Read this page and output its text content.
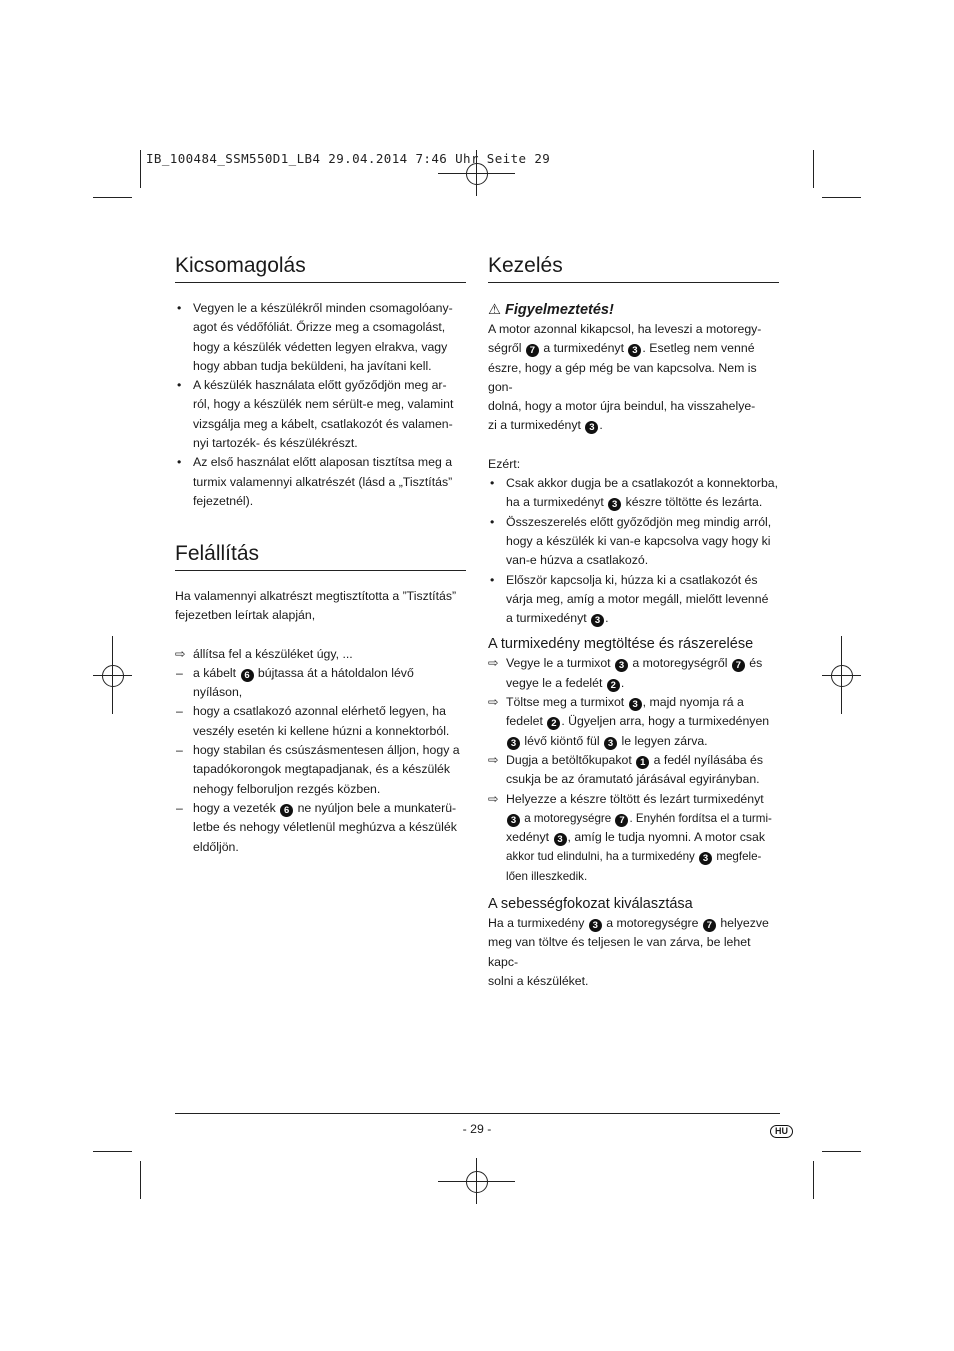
IB_100484_SSM550D1_LB4 29.04.2014 7:46 Uhr Seite 29
Kicsomagolás
• Vegyen le a készülékről minden csomagolóany-
agot és védőfóliát. Őrizze meg a csomagolást,
hogy a készülék védetten legyen elrakva, vagy
hogy abban tudja beküldeni, ha javítani kell.
• A készülék használata előtt győződjön meg ar-
ról, hogy a készülék nem sérült-e meg, valamint
vizsgálja meg a kábelt, csatlakozót és valamen-
nyi tartozék- és készülékrészt.
• Az első használat előtt alaposan tisztítsa meg a
turmix valamennyi alkatrészét (lásd a „Tisztítás”
fejezetnél).
Felállítás
Ha valamennyi alkatrészt megtisztította a ”Tisztítás”
fejezetben leírtak alapján,
⇨ állítsa fel a készüléket úgy, ...
– a kábelt 6 bújtassa át a hátoldalon lévő
nyíláson,
– hogy a csatlakozó azonnal elérhető legyen, ha
veszély esetén ki kellene húzni a konnektorból.
– hogy stabilan és csúszásmentesen álljon, hogy a
tapadókorongok megtapadjanak, és a készülék
nehogy felboruljon rezgés közben.
– hogy a vezeték 6 ne nyúljon bele a munkaterü-
letbe és nehogy véletlenül meghúzva a készülék
eldőljön.
Kezelés
⚠ Figyelmeztetés!
A motor azonnal kikapcsol, ha leveszi a motoregy-
ségről 7 a turmixedényt 3 . Esetleg nem venné
észre, hogy a gép még be van kapcsolva. Nem is gon-
dolná, hogy a motor újra beindul, ha visszahelye-
zi a turmixedényt 3 .
Ezért:
• Csak akkor dugja be a csatlakozót a konnektorba,
ha a turmixedényt 3 készre töltötte és lezárta.
• Összeszerelés előtt győződjön meg mindig arról,
hogy a készülék ki van-e kapcsolva vagy hogy ki
van-e húzva a csatlakozó.
• Először kapcsolja ki, húzza ki a csatlakozót és
várja meg, amíg a motor megáll, mielőtt levenné
a turmixedényt 3 .
A turmixedény megtöltése és rászerelése
⇨ Vegye le a turmixot 3 a motoregységről 7 és
vegye le a fedelét 2 .
⇨ Töltse meg a turmixot 3 , majd nyomja rá a
fedelet 2 . Ügyeljen arra, hogy a turmixedényen
3 lévő kiöntő fül 3 le legyen zárva.
⇨ Dugja a betöltőkupakot 1 a fedél nyílásába és
csukja be az óramutató járásával egyirányban.
⇨ Helyezze a készre töltött és lezárt turmixedényt
3 a motoregységre 7 . Enyhén fordítsa el a turmi-
xedényt 3 , amíg le tudja nyomni. A motor csak
akkor tud elindulni, ha a turmixedény 3 megfele-
lően illeszkedik.
A sebességfokozat kiválasztása
Ha a turmixedény 3 a motoregységre 7 helyezve
meg van töltve és teljesen le van zárva, be lehet kapc-
solni a készüléket.
- 29 -	HU
